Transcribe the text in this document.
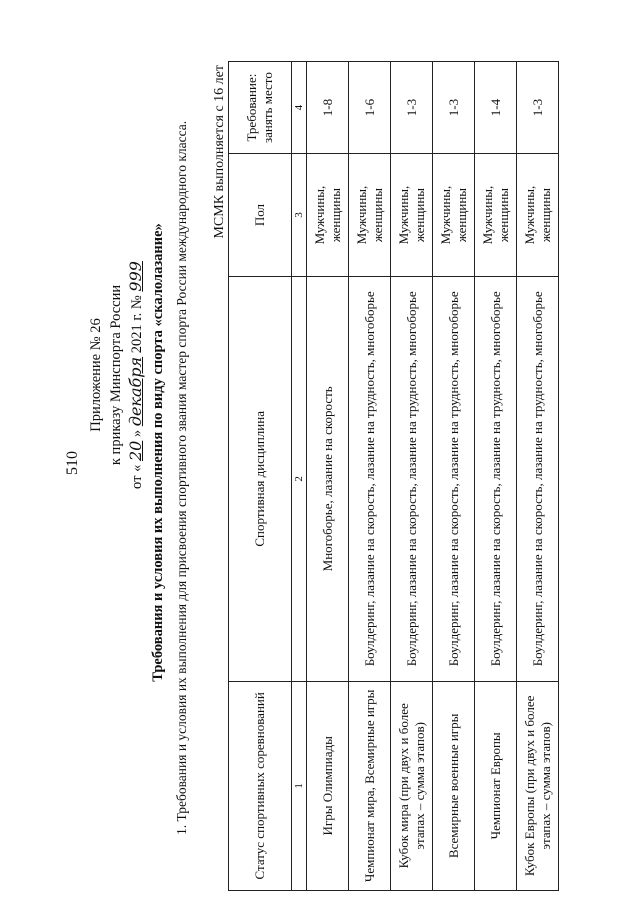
510
Приложение № 26 к приказу Минспорта России
от « 20 » декабря 2021 г. № 999 Требования и условия их выполнения по виду спорта «скалолазание» 1. Требования и условия их выполнения для присвоения спортивного звания мастер спорта России международного класса. МСМК выполняется с 16 лет
Статус спортивных соревнований	Спортивная дисциплина	Пол	Требование: занять место
1	2	3	4
Игры Олимпиады	Многоборье, лазание на скорость	Мужчины, женщины	1-8
Чемпионат мира, Всемирные игры	Боулдеринг, лазание на скорость, лазание на трудность, многоборье	Мужчины, женщины	1-6
Кубок мира (при двух и более этапах – сумма этапов)	Боулдеринг, лазание на скорость, лазание на трудность, многоборье	Мужчины, женщины	1-3
Всемирные военные игры	Боулдеринг, лазание на скорость, лазание на трудность, многоборье	Мужчины, женщины	1-3
Чемпионат Европы	Боулдеринг, лазание на скорость, лазание на трудность, многоборье	Мужчины, женщины	1-4
Кубок Европы (при двух и более этапах – сумма этапов)	Боулдеринг, лазание на скорость, лазание на трудность, многоборье	Мужчины, женщины	1-3
